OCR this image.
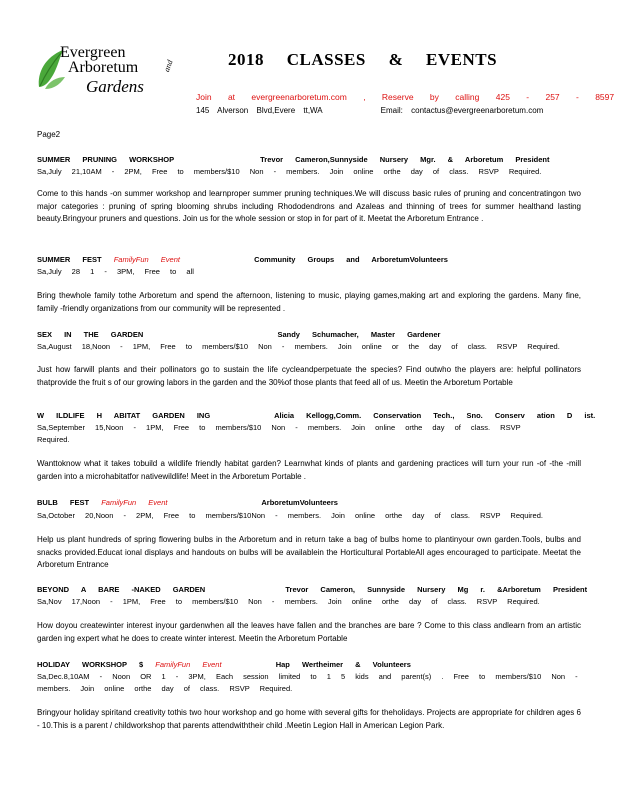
Evergreen
Arboretum
Gardens
and	2018 CLASSES & EVENTS
Join at evergreenarboretum.com , Reserve by calling 425 - 257 - 8597
145 Alverson Blvd,Evere tt,WA	Email: contactus@evergreenarboretum.com
Page2
SUMMER PRUNING WORKSHOP	Trevor Cameron,Sunnyside Nursery Mgr. & Arboretum President
Sa,July 21,10AM - 2PM, Free to members/$10 Non - members. Join online orthe day of class. RSVP Required.
Come to this hands -on summer workshop and learnproper summer pruning techniques.We will discuss basic rules of pruning and concentratingon two major categories : pruning of spring blooming shrubs including Rhododendrons and Azaleas and thinning of trees for summer healthand lasting beauty.Bringyour pruners and questions. Join us for the whole session or stop in for part of it. Meetat the Arboretum Entrance .
SUMMER FEST FamilyFun Event	Community Groups and ArboretumVolunteers
Sa,July 28 1 - 3PM, Free to all
Bring thewhole family tothe Arboretum and spend the afternoon, listening to music, playing games,making art and exploring the gardens. Many fine, family -friendly organizations from our community will be represented .
SEX IN THE GARDEN	Sandy Schumacher, Master Gardener
Sa,August 18,Noon - 1PM, Free to members/$10 Non - members. Join online or the day of class. RSVP Required.
Just how farwill plants and their pollinators go to sustain the life cycleandperpetuate the species? Find outwho the players are: helpful pollinators thatprovide the fruit s of our growing labors in the garden and the 30%of those plants that feed all of us. Meetin the Arboretum Portable
W ILDLIFE H ABITAT GARDEN ING	Alicia Kellogg,Comm. Conservation Tech., Sno. Conserv ation D ist.
Sa,September 15,Noon - 1PM, Free to members/$10 Non - members. Join online orthe day of class. RSVP
Required.
Wanttoknow what it takes tobuild a wildlife friendly habitat garden? Learnwhat kinds of plants and gardening practices will turn your run -of -the -mill garden into a microhabitatfor nativewildlife! Meet in the Arboretum Portable .
BULB FEST FamilyFun Event	ArboretumVolunteers
Sa,October 20,Noon - 2PM, Free to members/$10Non - members. Join online orthe day of class. RSVP Required.
Help us plant hundreds of spring flowering bulbs in the Arboretum and in return take a bag of bulbs home to plantinyour own garden.Tools, bulbs and snacks provided.Educat ional displays and handouts on bulbs will be availablein the Horticultural PortableAll ages encouraged to participate. Meetat the Arboretum Entrance
BEYOND A BARE -NAKED GARDEN	Trevor Cameron, Sunnyside Nursery Mg r. &Arboretum President
Sa,Nov 17,Noon - 1PM, Free to members/$10 Non - members. Join online orthe day of class. RSVP Required.
How doyou createwinter interest inyour gardenwhen all the leaves have fallen and the branches are bare ? Come to this class andlearn from an artistic garden ing expert what he does to create winter interest. Meetin the Arboretum Portable
HOLIDAY WORKSHOP $ FamilyFun Event	Hap Wertheimer & Volunteers
Sa,Dec.8,10AM - Noon OR 1 - 3PM, Each session limited to 1 5 kids and parent(s) . Free to members/$10 Non -
members. Join online orthe day of class. RSVP Required.
Bringyour holiday spiritand creativity tothis two hour workshop and go home with several gifts for theholidays. Projects are appropriate for children ages 6 - 10.This is a parent / childworkshop that parents attendwiththeir child .Meetin Legion Hall in American Legion Park.
